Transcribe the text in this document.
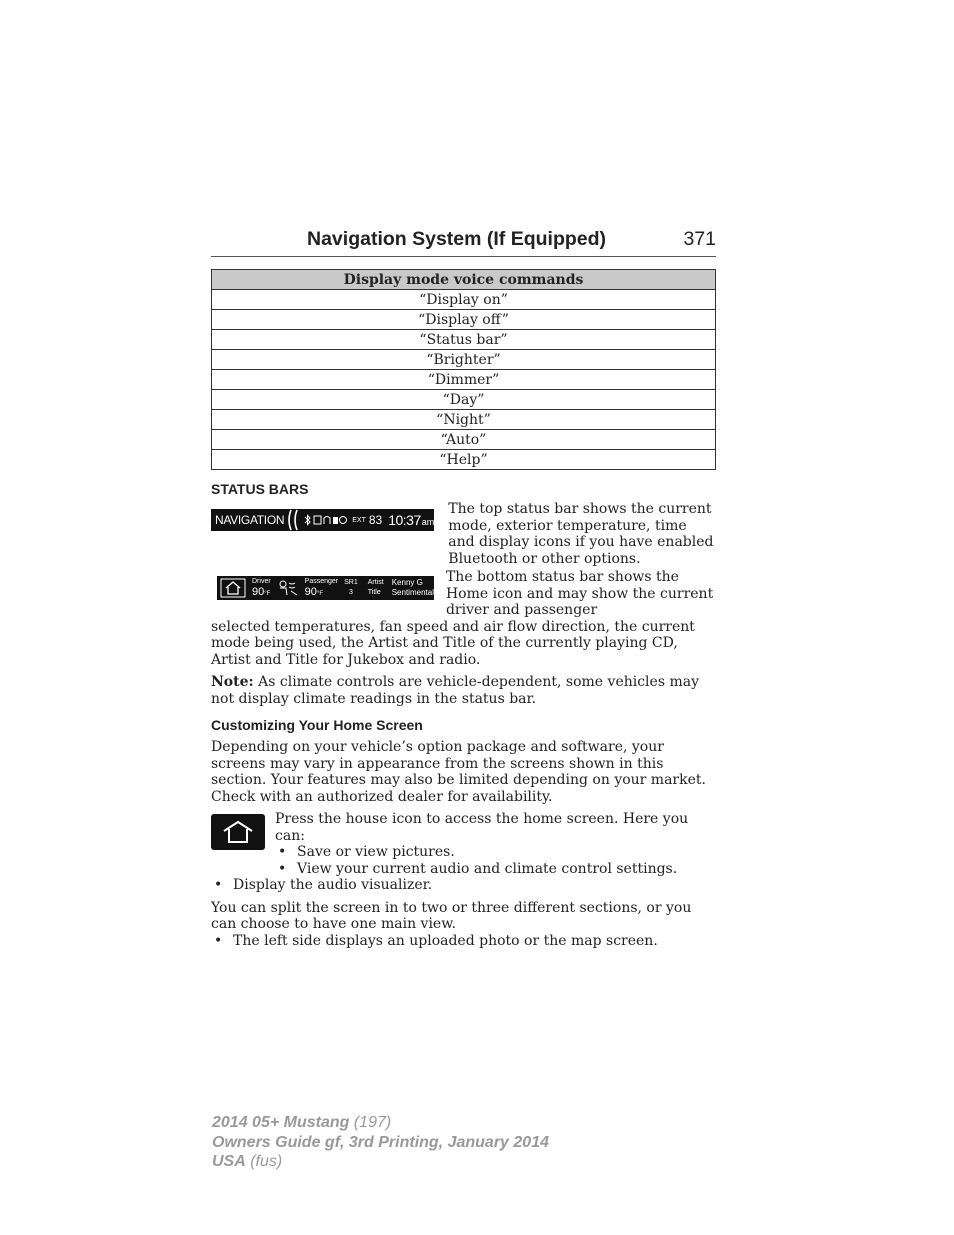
Navigation System (If Equipped)	371
Display mode voice commands
“Display on”
“Display off”
“Status bar”
“Brighter”
“Dimmer”
“Day”
“Night”
“Auto”
“Help”
STATUS BARS
NAVIGATION	EXT 83 10:37 am
The top status bar shows the current mode, exterior temperature, time and display icons if you have enabled Bluetooth or other options.
Driver
90°F
Passenger
90°F
SR1
3
Artist
Title
Kenny G
Sentimental
The bottom status bar shows the Home icon and may show the current driver and passenger

selected temperatures, fan speed and air flow direction, the current mode being used, the Artist and Title of the currently playing CD, Artist and Title for Jukebox and radio.

Note: As climate controls are vehicle-dependent, some vehicles may not display climate readings in the status bar.

Customizing Your Home Screen

Depending on your vehicle’s option package and software, your screens may vary in appearance from the screens shown in this section. Your features may also be limited depending on your market. Check with an authorized dealer for availability.

Press the house icon to access the home screen. Here you can:
• Save or view pictures.
• View your current audio and climate control settings.
• Display the audio visualizer.

You can split the screen in to two or three different sections, or you can choose to have one main view.

• The left side displays an uploaded photo or the map screen.
2014 05+ Mustang (197)
Owners Guide gf, 3rd Printing, January 2014
USA (fus)
